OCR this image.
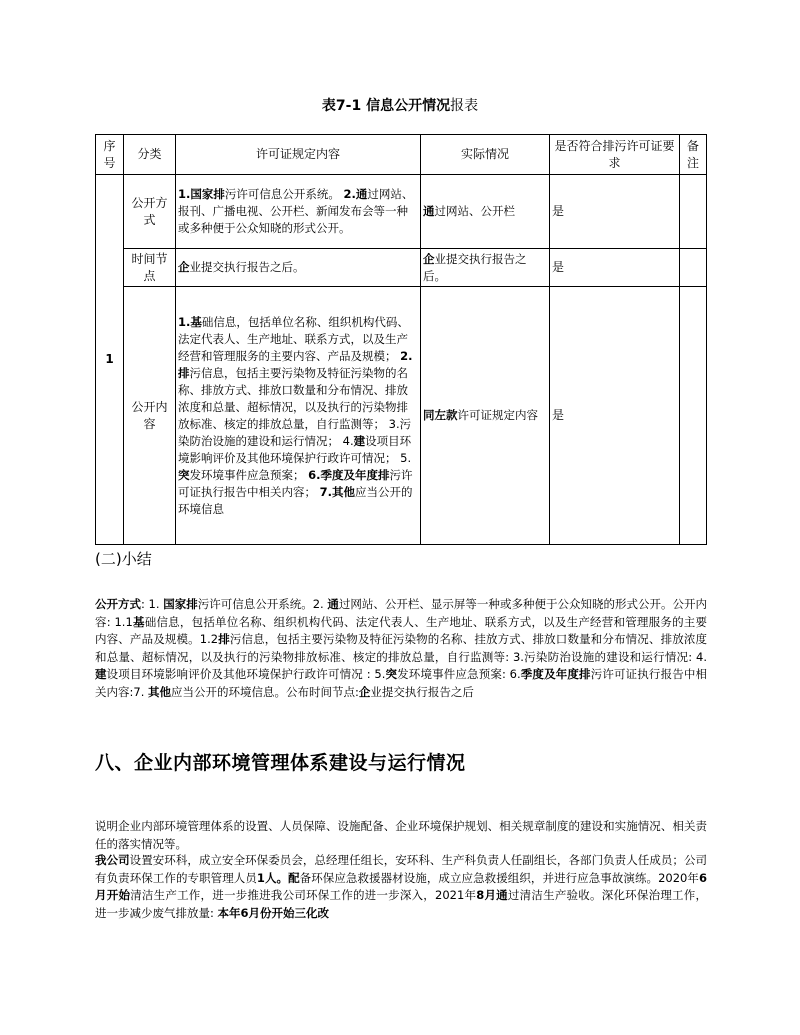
表7-1 信息公开情况报表
序号	分类	许可证规定内容	实际情况	是否符合排污许可证要求	备注
1	公开方式	1.国家排污许可信息公开系统。 2.通过网站、报刊、广播电视、公开栏、新闻发布会等一种或多种便于公众知晓的形式公开。	通过网站、公开栏	是	
	时间节点	企业提交执行报告之后。	企业提交执行报告之后。	是	
	公开内容	1.基础信息，包括单位名称、组织机构代码、法定代表人、生产地址、联系方式，以及生产经营和管理服务的主要内容、产品及规模； 2.排污信息，包括主要污染物及特征污染物的名称、排放方式、排放口数量和分布情况、排放浓度和总量、超标情况，以及执行的污染物排放标准、核定的排放总量，自行监测等； 3.污染防治设施的建设和运行情况； 4.建设项目环境影响评价及其他环境保护行政许可情况； 5.突发环境事件应急预案； 6.季度及年度排污许可证执行报告中相关内容； 7.其他应当公开的环境信息	同左款许可证规定内容	是	
(二)小结
公开方式: 1. 国家排污许可信息公开系统。2. 通过网站、公开栏、显示屏等一种或多种便于公众知晓的形式公开。公开内容: 1.1基础信息，包括单位名称、组织机构代码、法定代表人、生产地址、联系方式，以及生产经营和管理服务的主要内容、产品及规模。1.2排污信息，包括主要污染物及特征污染物的名称、挂放方式、排放口数量和分布情况、排放浓度和总量、超标情况，以及执行的污染物排放标准、核定的排放总量，自行监测等: 3.污染防治设施的建设和运行情况: 4. 建设项目环境影响评价及其他环境保护行政许可情况 : 5.突发环境事件应急预案: 6.季度及年度排污许可证执行报告中相关内容:7. 其他应当公开的环境信息。公布时间节点:企业提交执行报告之后
八、企业内部环境管理体系建设与运行情况
说明企业内部环境管理体系的设置、人员保障、设施配备、企业环境保护规划、相关规章制度的建设和实施情况、相关责任的落实情况等。
我公司设置安环科，成立安全环保委员会，总经理任组长，安环科、生产科负责人任副组长，各部门负责人任成员；公司有负责环保工作的专职管理人员1人。配备环保应急救援器材设施，成立应急救援组织，并进行应急事故演练。2020年6月开始清洁生产工作，进一步推进我公司环保工作的进一步深入，2021年8月通过清洁生产验收。深化环保治理工作， 进一步减少废气排放量: 本年6月份开始三化改
